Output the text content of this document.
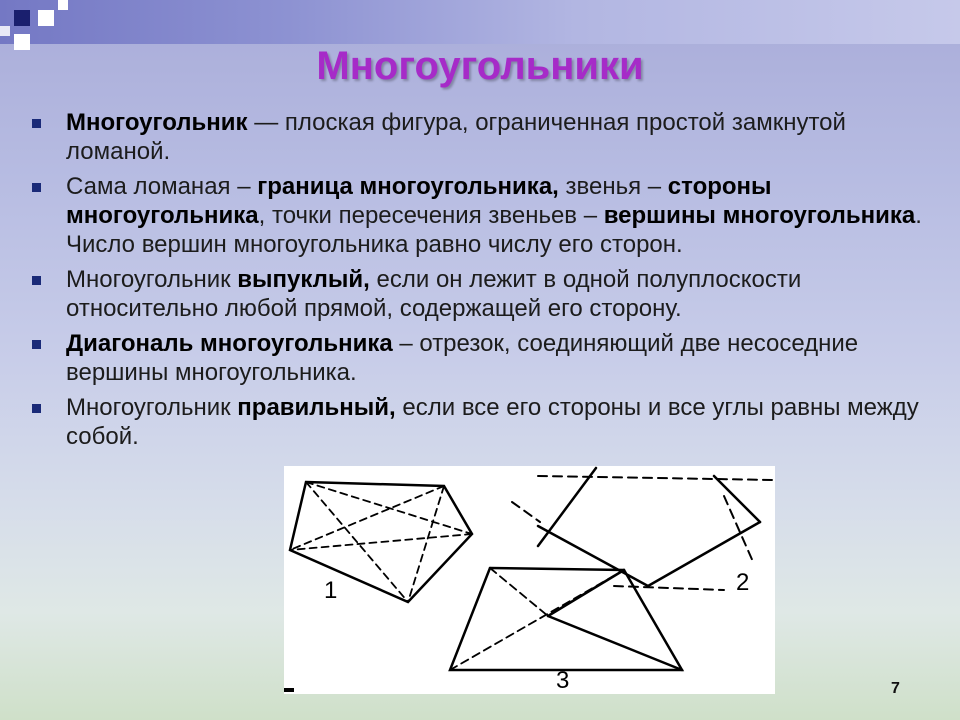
Многоугольники
Многоугольник — плоская фигура, ограниченная простой замкнутой ломаной.
Сама ломаная – граница многоугольника, звенья – стороны многоугольника, точки пересечения звеньев – вершины многоугольника. Число вершин многоугольника равно числу его сторон.
Многоугольник выпуклый, если он лежит в одной полуплоскости относительно любой прямой, содержащей его сторону.
Диагональ многоугольника – отрезок, соединяющий две несоседние вершины многоугольника.
Многоугольник правильный, если все его стороны и все углы равны между собой.
1	2
3	7
